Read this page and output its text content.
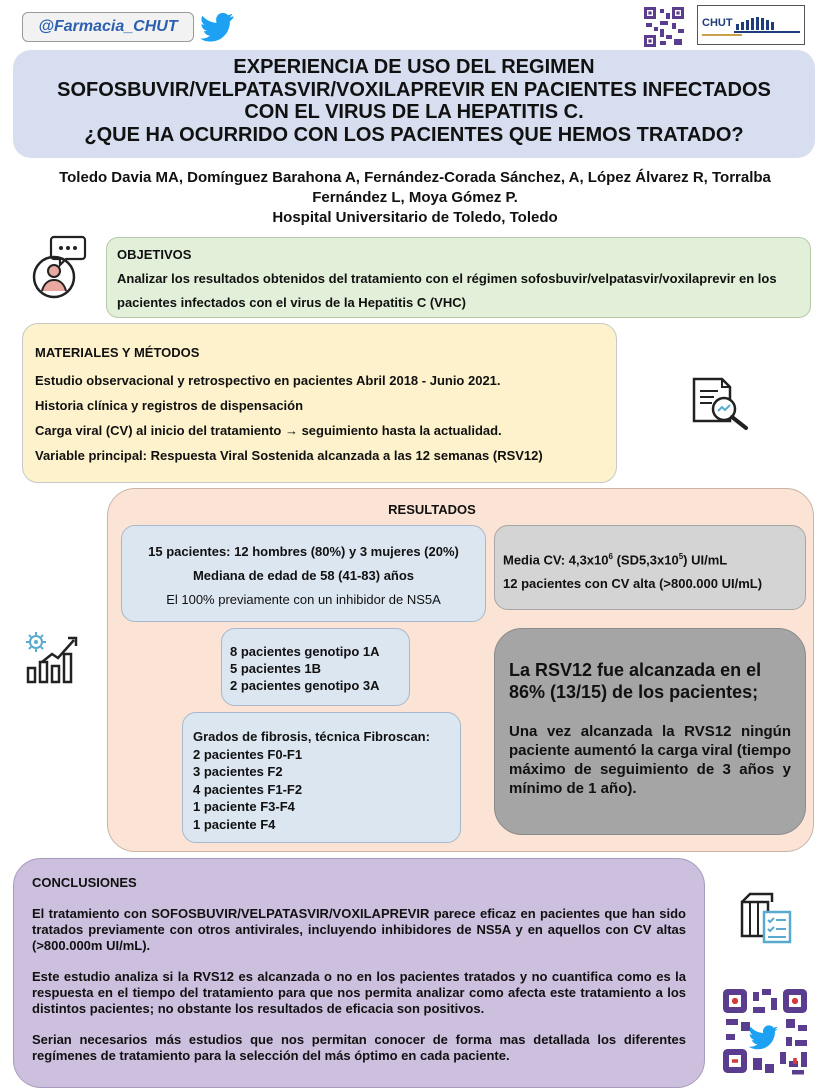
@Farmacia_CHUT	CHUT
EXPERIENCIA DE USO DEL REGIMEN
SOFOSBUVIR/VELPATASVIR/VOXILAPREVIR EN PACIENTES INFECTADOS
CON EL VIRUS DE LA HEPATITIS C.
¿QUE HA OCURRIDO CON LOS PACIENTES QUE HEMOS TRATADO?
Toledo Davia MA, Domínguez Barahona A, Fernández-Corada Sánchez, A, López Álvarez R, Torralba
Fernández L, Moya Gómez P.
Hospital Universitario de Toledo, Toledo
OBJETIVOS
Analizar los resultados obtenidos del tratamiento con el régimen sofosbuvir/velpatasvir/voxilaprevir en los pacientes infectados con el virus de la Hepatitis C (VHC)
MATERIALES Y MÉTODOS
Estudio observacional y retrospectivo en pacientes Abril 2018 - Junio 2021.
Historia clínica y registros de dispensación
Carga viral (CV) al inicio del tratamiento → seguimiento hasta la actualidad.
Variable principal: Respuesta Viral Sostenida alcanzada a las 12 semanas (RSV12)
RESULTADOS
15 pacientes: 12 hombres (80%) y 3 mujeres (20%)
Mediana de edad de 58 (41-83) años
El 100% previamente con un inhibidor de NS5A
Media CV: $4,3x10^6$ $(SD5,3x10^5)$ UI/mL
12 pacientes con CV alta (>800.000 UI/mL)
8 pacientes genotipo 1A
5 pacientes 1B
2 pacientes genotipo 3A
Grados de fibrosis, técnica Fibroscan:
2 pacientes F0-F1
3 pacientes F2
4 pacientes F1-F2
1 paciente F3-F4
1 paciente F4
La RSV12 fue alcanzada en el 86% (13/15) de los pacientes;
Una vez alcanzada la RVS12 ningún paciente aumentó la carga viral (tiempo máximo de seguimiento de 3 años y mínimo de 1 año).
CONCLUSIONES
El tratamiento con SOFOSBUVIR/VELPATASVIR/VOXILAPREVIR parece eficaz en pacientes que han sido tratados previamente con otros antivirales, incluyendo inhibidores de NS5A y en aquellos con CV altas (>800.000m UI/mL).
Este estudio analiza si la RVS12 es alcanzada o no en los pacientes tratados y no cuantifica como es la respuesta en el tiempo del tratamiento para que nos permita analizar como afecta este tratamiento a los distintos pacientes; no obstante los resultados de eficacia son positivos.
Serian necesarios más estudios que nos permitan conocer de forma mas detallada los diferentes regímenes de tratamiento para la selección del más óptimo en cada paciente.
